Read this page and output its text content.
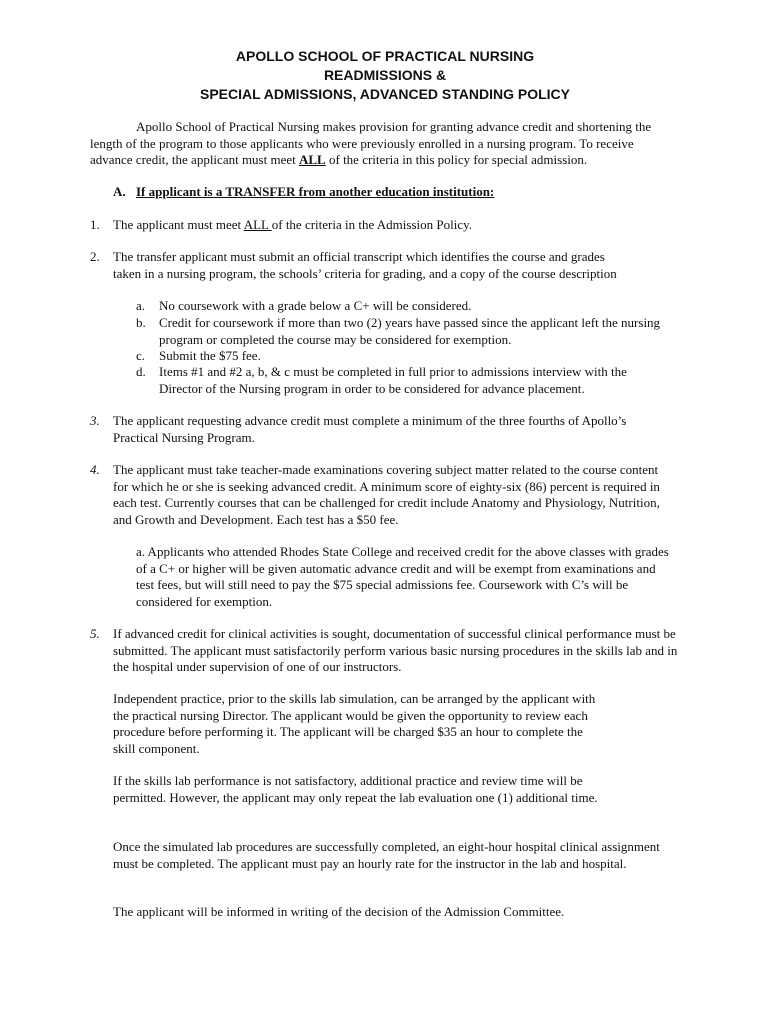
APOLLO SCHOOL OF PRACTICAL NURSING
READMISSIONS &
SPECIAL ADMISSIONS, ADVANCED STANDING POLICY

Apollo School of Practical Nursing makes provision for granting advance credit and shortening the length of the program to those applicants who were previously enrolled in a nursing program. To receive advance credit, the applicant must meet ALL of the criteria in this policy for special admission.

A. If applicant is a TRANSFER from another education institution:
1. The applicant must meet ALL of the criteria in the Admission Policy.
2. The transfer applicant must submit an official transcript which identifies the course and grades taken in a nursing program, the schools’ criteria for grading, and a copy of the course description
a. No coursework with a grade below a C+ will be considered.
b. Credit for coursework if more than two (2) years have passed since the applicant left the nursing program or completed the course may be considered for exemption.
c. Submit the $75 fee.
d. Items #1 and #2 a, b, & c must be completed in full prior to admissions interview with the Director of the Nursing program in order to be considered for advance placement.
3. The applicant requesting advance credit must complete a minimum of the three fourths of Apollo’s Practical Nursing Program.
4. The applicant must take teacher-made examinations covering subject matter related to the course content for which he or she is seeking advanced credit. A minimum score of eighty-six (86) percent is required in each test. Currently courses that can be challenged for credit include Anatomy and Physiology, Nutrition, and Growth and Development. Each test has a $50 fee.
a. Applicants who attended Rhodes State College and received credit for the above classes with grades of a C+ or higher will be given automatic advance credit and will be exempt from examinations and test fees, but will still need to pay the $75 special admissions fee. Coursework with C’s will be considered for exemption.
5. If advanced credit for clinical activities is sought, documentation of successful clinical performance must be submitted. The applicant must satisfactorily perform various basic nursing procedures in the skills lab and in the hospital under supervision of one of our instructors.
Independent practice, prior to the skills lab simulation, can be arranged by the applicant with the practical nursing Director. The applicant would be given the opportunity to review each procedure before performing it. The applicant will be charged $35 an hour to complete the skill component.
If the skills lab performance is not satisfactory, additional practice and review time will be permitted. However, the applicant may only repeat the lab evaluation one (1) additional time.
Once the simulated lab procedures are successfully completed, an eight-hour hospital clinical assignment must be completed. The applicant must pay an hourly rate for the instructor in the lab and hospital.
The applicant will be informed in writing of the decision of the Admission Committee.
